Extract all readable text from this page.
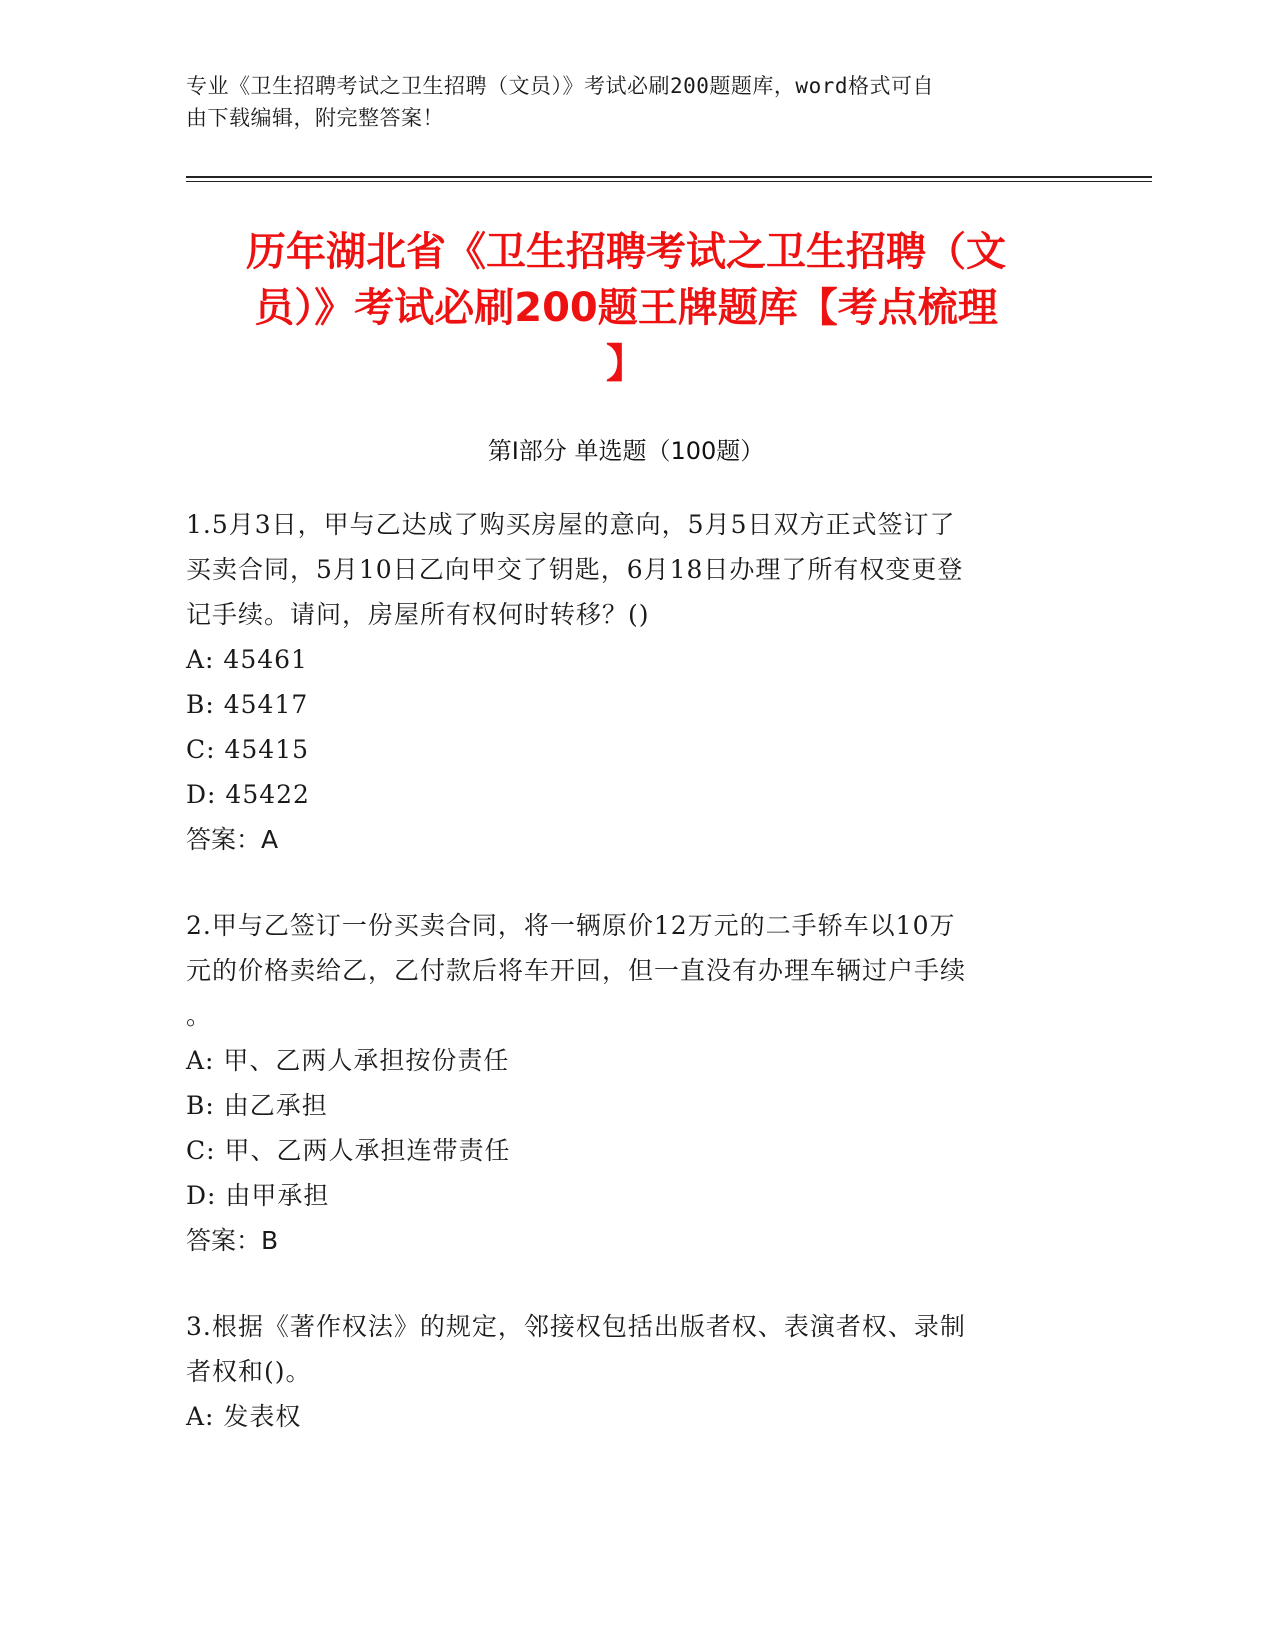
专业《卫生招聘考试之卫生招聘（文员）》考试必刷200题题库，word格式可自
由下载编辑，附完整答案！
历年湖北省《卫生招聘考试之卫生招聘（文
员）》考试必刷200题王牌题库【考点梳理
】
第Ⅰ部分 单选题（100题）
1.5月3日，甲与乙达成了购买房屋的意向，5月5日双方正式签订了
买卖合同，5月10日乙向甲交了钥匙，6月18日办理了所有权变更登
记手续。请问，房屋所有权何时转移？()
A: 45461
B: 45417
C: 45415
D: 45422
答案：A
2.甲与乙签订一份买卖合同，将一辆原价12万元的二手轿车以10万
元的价格卖给乙，乙付款后将车开回，但一直没有办理车辆过户手续
。
A: 甲、乙两人承担按份责任
B: 由乙承担
C: 甲、乙两人承担连带责任
D: 由甲承担
答案：B
3.根据《著作权法》的规定，邻接权包括出版者权、表演者权、录制
者权和()。
A: 发表权
